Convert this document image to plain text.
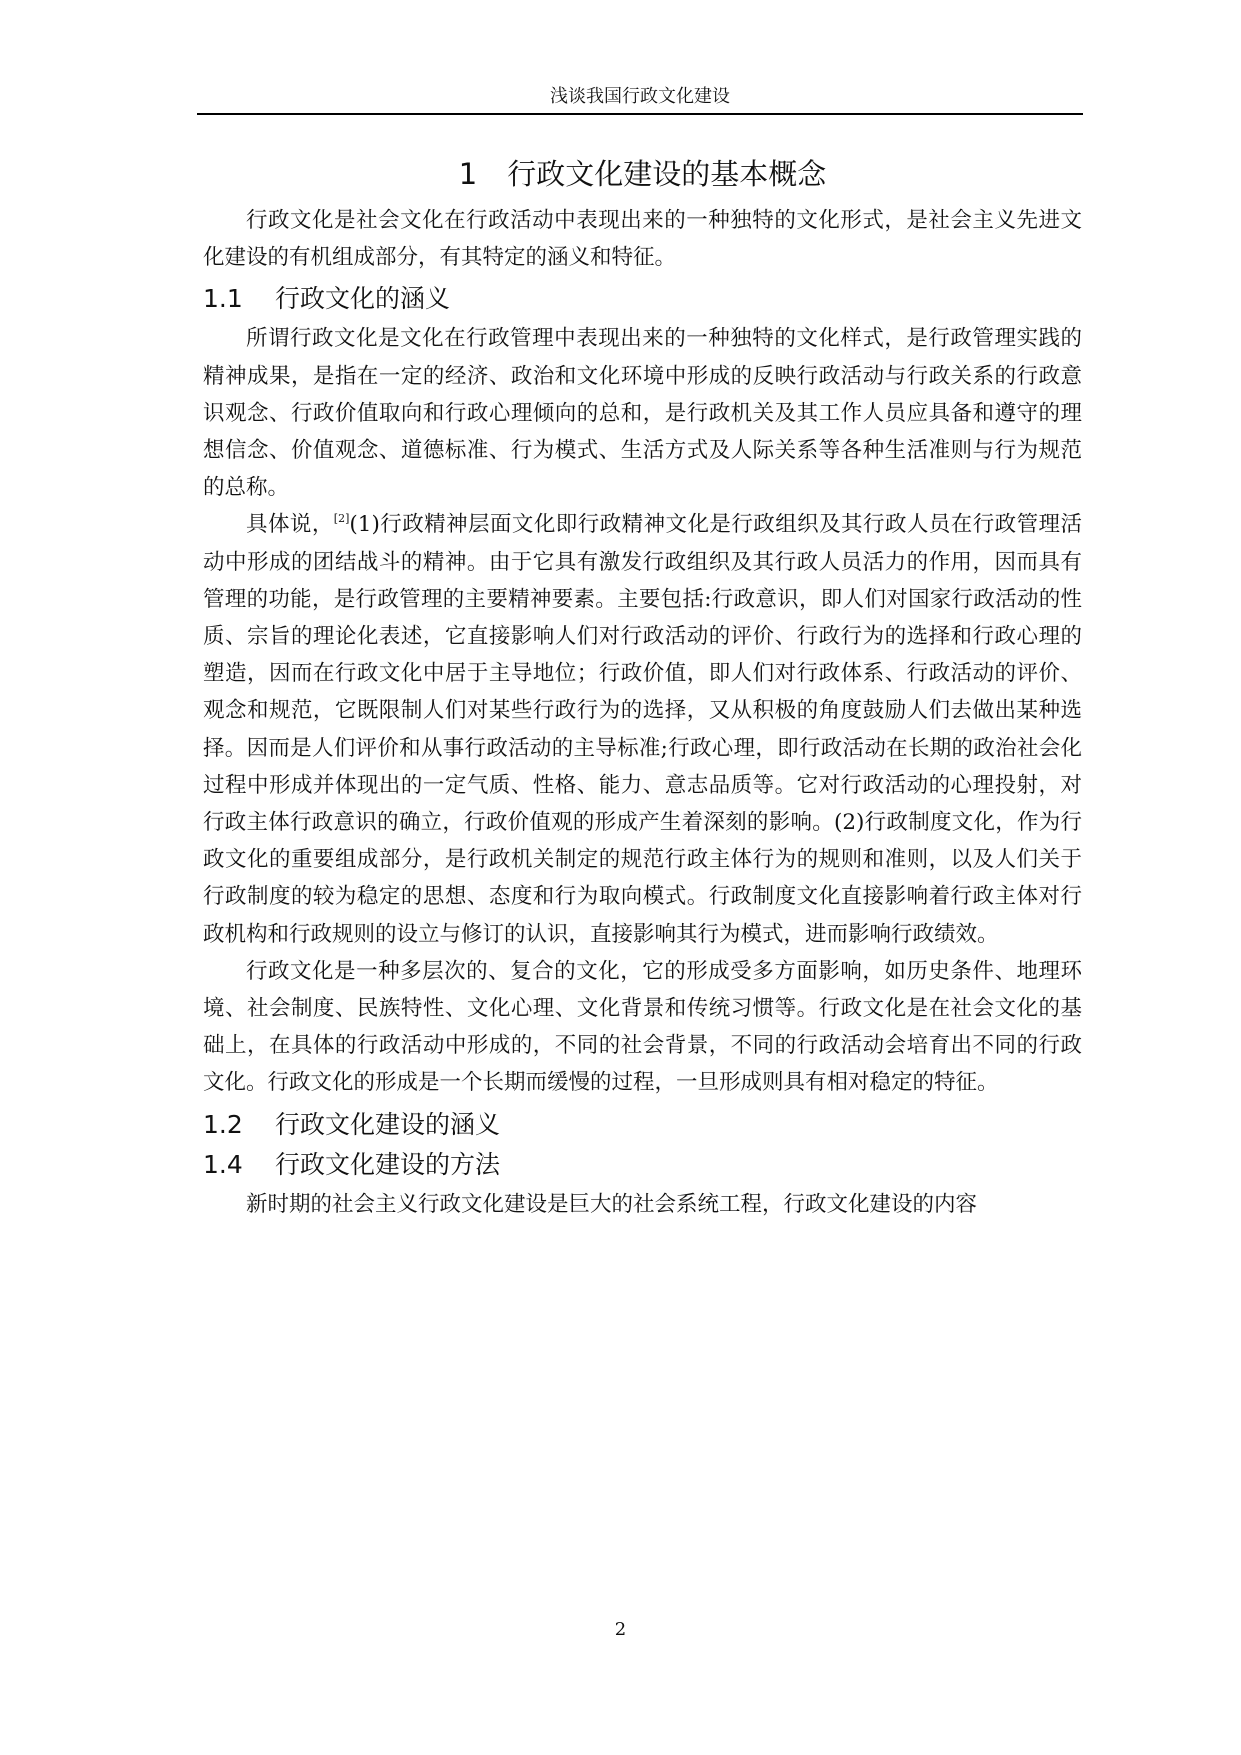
浅谈我国行政文化建设
1 行政文化建设的基本概念

行政文化是社会文化在行政活动中表现出来的一种独特的文化形式，是社会主义先进文化建设的有机组成部分，有其特定的涵义和特征。

1.1 行政文化的涵义

所谓行政文化是文化在行政管理中表现出来的一种独特的文化样式，是行政管理实践的精神成果，是指在一定的经济、政治和文化环境中形成的反映行政活动与行政关系的行政意识观念、行政价值取向和行政心理倾向的总和，是行政机关及其工作人员应具备和遵守的理想信念、价值观念、道德标准、行为模式、生活方式及人际关系等各种生活准则与行为规范的总称。

具体说，[2](1)行政精神层面文化即行政精神文化是行政组织及其行政人员在行政管理活动中形成的团结战斗的精神。由于它具有激发行政组织及其行政人员活力的作用，因而具有管理的功能，是行政管理的主要精神要素。主要包括:行政意识，即人们对国家行政活动的性质、宗旨的理论化表述，它直接影响人们对行政活动的评价、行政行为的选择和行政心理的塑造，因而在行政文化中居于主导地位；行政价值，即人们对行政体系、行政活动的评价、观念和规范，它既限制人们对某些行政行为的选择，又从积极的角度鼓励人们去做出某种选择。因而是人们评价和从事行政活动的主导标准;行政心理，即行政活动在长期的政治社会化过程中形成并体现出的一定气质、性格、能力、意志品质等。它对行政活动的心理投射，对行政主体行政意识的确立，行政价值观的形成产生着深刻的影响。(2)行政制度文化，作为行政文化的重要组成部分，是行政机关制定的规范行政主体行为的规则和准则，以及人们关于行政制度的较为稳定的思想、态度和行为取向模式。行政制度文化直接影响着行政主体对行政机构和行政规则的设立与修订的认识，直接影响其行为模式，进而影响行政绩效。

行政文化是一种多层次的、复合的文化，它的形成受多方面影响，如历史条件、地理环境、社会制度、民族特性、文化心理、文化背景和传统习惯等。行政文化是在社会文化的基础上，在具体的行政活动中形成的，不同的社会背景，不同的行政活动会培育出不同的行政文化。行政文化的形成是一个长期而缓慢的过程，一旦形成则具有相对稳定的特征。

1.2 行政文化建设的涵义
1.4 行政文化建设的方法

新时期的社会主义行政文化建设是巨大的社会系统工程，行政文化建设的内容

2
